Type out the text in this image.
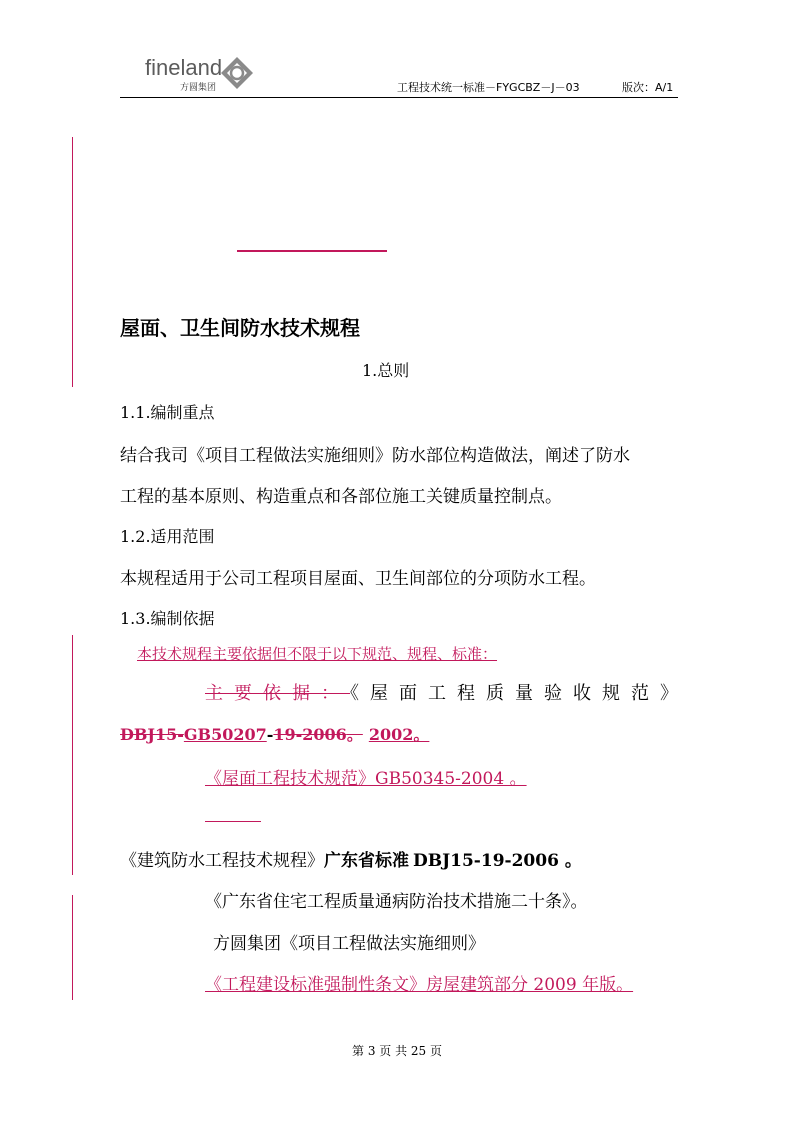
fineland
方圆集团	工程技术统一标准－FYGCBZ－J－03	版次：A/1
屋面、卫生间防水技术规程
1.总则
1.1.编制重点
结合我司《项目工程做法实施细则》防水部位构造做法，阐述了防水
工程的基本原则、构造重点和各部位施工关键质量控制点。
1.2.适用范围
本规程适用于公司工程项目屋面、卫生间部位的分项防水工程。
1.3.编制依据
本技术规程主要依据但不限于以下规范、规程、标准：
主要依据：《屋面工程质量验收规范》
DBJ15-GB50207-19-2006。 2002。
《屋面工程技术规范》GB50345-2004 。
《建筑防水工程技术规程》广东省标准 DBJ15-19-2006 。
《广东省住宅工程质量通病防治技术措施二十条》。
方圆集团《项目工程做法实施细则》
《工程建设标准强制性条文》房屋建筑部分 2009 年版。
第 3 页 共 25 页
